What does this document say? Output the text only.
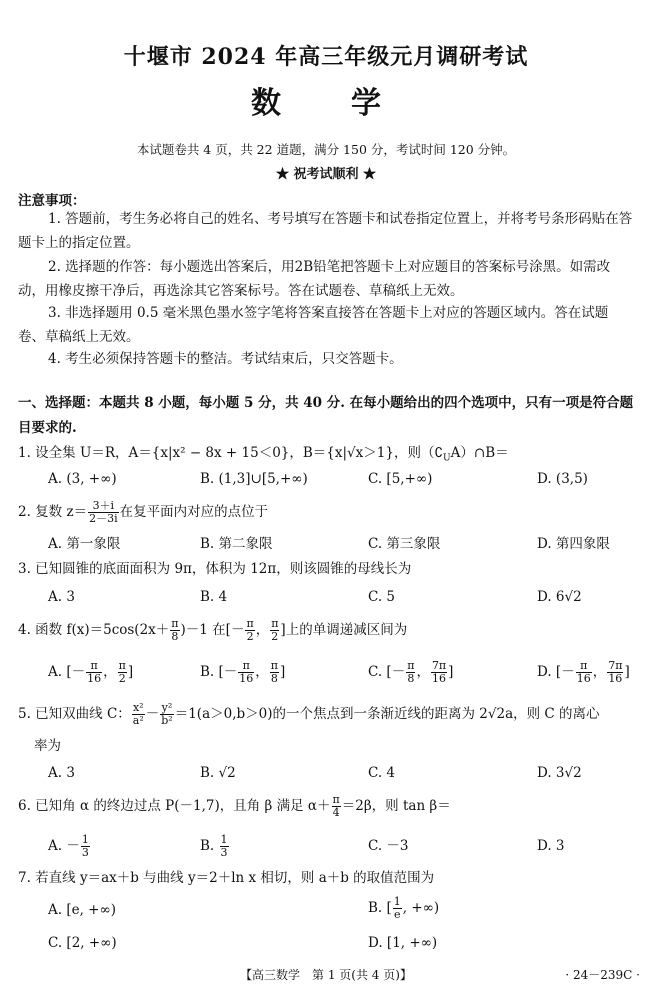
十堰市 2024 年高三年级元月调研考试
数　学
本试题卷共 4 页，共 22 道题，满分 150 分，考试时间 120 分钟。
★ 祝考试顺利 ★
注意事项：
1. 答题前，考生务必将自己的姓名、考号填写在答题卡和试卷指定位置上，并将考号条形码贴在答题卡上的指定位置。
2. 选择题的作答：每小题选出答案后，用2B铅笔把答题卡上对应题目的答案标号涂黑。如需改动，用橡皮擦干净后，再选涂其它答案标号。答在试题卷、草稿纸上无效。
3. 非选择题用 0.5 毫米黑色墨水签字笔将答案直接答在答题卡上对应的答题区域内。答在试题卷、草稿纸上无效。
4. 考生必须保持答题卡的整洁。考试结束后，只交答题卡。
一、选择题：本题共 8 小题，每小题 5 分，共 40 分. 在每小题给出的四个选项中，只有一项是符合题目要求的.
1. 设全集 U＝R，A＝{x|x² − 8x + 15＜0}，B＝{x|√x＞1}，则$(∁_UA)\cap B=$
A. (3, +∞)	B. (1,3]∪[5,+∞)	C. [5,+∞)	D. (3,5)
2. 复数 $z= \frac{3+i}{2-3i}$ 在复平面内对应的点位于
A. 第一象限	B. 第二象限	C. 第三象限	D. 第四象限
3. 已知圆锥的底面面积为 9π，体积为 12π，则该圆锥的母线长为
A. 3	B. 4	C. 5	D. 6√2
4. 函数 $f(x)=5\cos(2x+ \frac{\pi}{8} )-1$ 在[－ $\frac{\pi}{2}$ ， $\frac{\pi}{2}$ ]上的单调递减区间为
A. [－ $\frac{\pi}{16}$ ， $\frac{\pi}{2}$ ]	B. [－ $\frac{\pi}{16}$ ， $\frac{\pi}{8}$ ]	C. [－ $\frac{\pi}{8}$ ， $\frac{7\pi}{16}$ ]	D. [－ $\frac{\pi}{16}$ ， $\frac{7\pi}{16}$ ]
5. 已知双曲线 C： $\frac{\text{x²}}{\text{a²}} - \frac{\text{y²}}{\text{b²}} =1(a>0,b>0)$的一个焦点到一条渐近线的距离为 2√2a，则 C 的离心
率为
A. 3	B. √2	C. 4	D. 3√2
6. 已知角 α 的终边过点 P(－1,7)，且角 β 满足 $\alpha+ \frac{\pi}{4} =2\beta$，则 tan β＝
A. － $\frac{1}{3}$	B. $\frac{1}{3}$	C. －3	D. 3
7. 若直线 y＝ax＋b 与曲线 y＝2＋ln x 相切，则 a＋b 的取值范围为
A. [e, +∞)	B. [ $\frac{1}{e}$ , +∞)
C. [2, +∞)	D. [1, +∞)
【高三数学　第 1 页(共 4 页)】	· 24－239C ·
